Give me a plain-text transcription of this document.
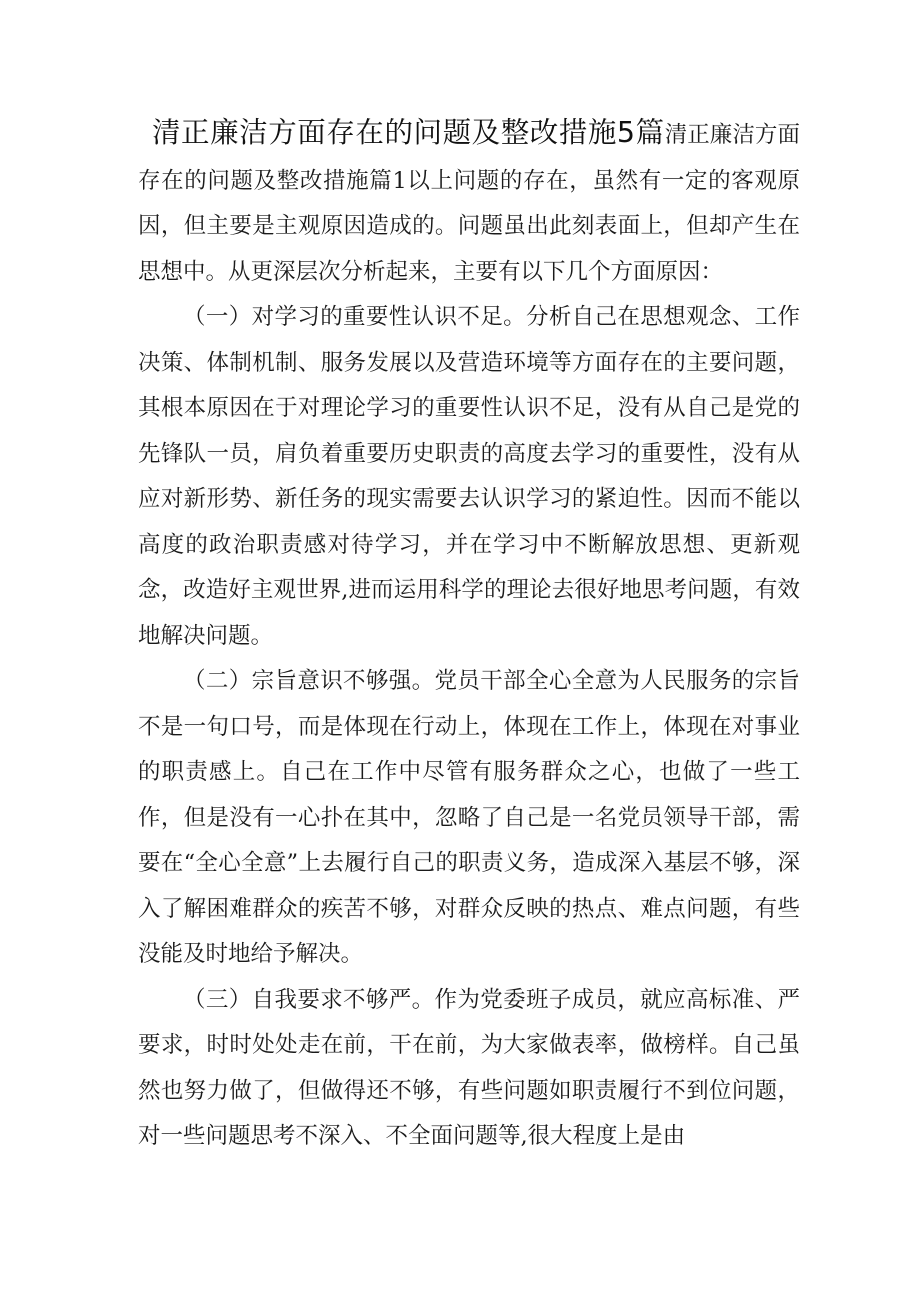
清正廉洁方面存在的问题及整改措施5篇清正廉洁方面存在的问题及整改措施篇1以上问题的存在，虽然有一定的客观原因，但主要是主观原因造成的。问题虽出此刻表面上，但却产生在思想中。从更深层次分析起来，主要有以下几个方面原因：

（一）对学习的重要性认识不足。分析自己在思想观念、工作决策、体制机制、服务发展以及营造环境等方面存在的主要问题，其根本原因在于对理论学习的重要性认识不足，没有从自己是党的先锋队一员，肩负着重要历史职责的高度去学习的重要性，没有从应对新形势、新任务的现实需要去认识学习的紧迫性。因而不能以高度的政治职责感对待学习，并在学习中不断解放思想、更新观念，改造好主观世界,进而运用科学的理论去很好地思考问题，有效地解决问题。

（二）宗旨意识不够强。党员干部全心全意为人民服务的宗旨不是一句口号，而是体现在行动上，体现在工作上，体现在对事业的职责感上。自己在工作中尽管有服务群众之心，也做了一些工作，但是没有一心扑在其中，忽略了自己是一名党员领导干部，需要在“全心全意”上去履行自己的职责义务，造成深入基层不够，深入了解困难群众的疾苦不够，对群众反映的热点、难点问题，有些没能及时地给予解决。

（三）自我要求不够严。作为党委班子成员，就应高标准、严要求，时时处处走在前，干在前，为大家做表率，做榜样。自己虽然也努力做了，但做得还不够，有些问题如职责履行不到位问题，对一些问题思考不深入、不全面问题等,很大程度上是由
